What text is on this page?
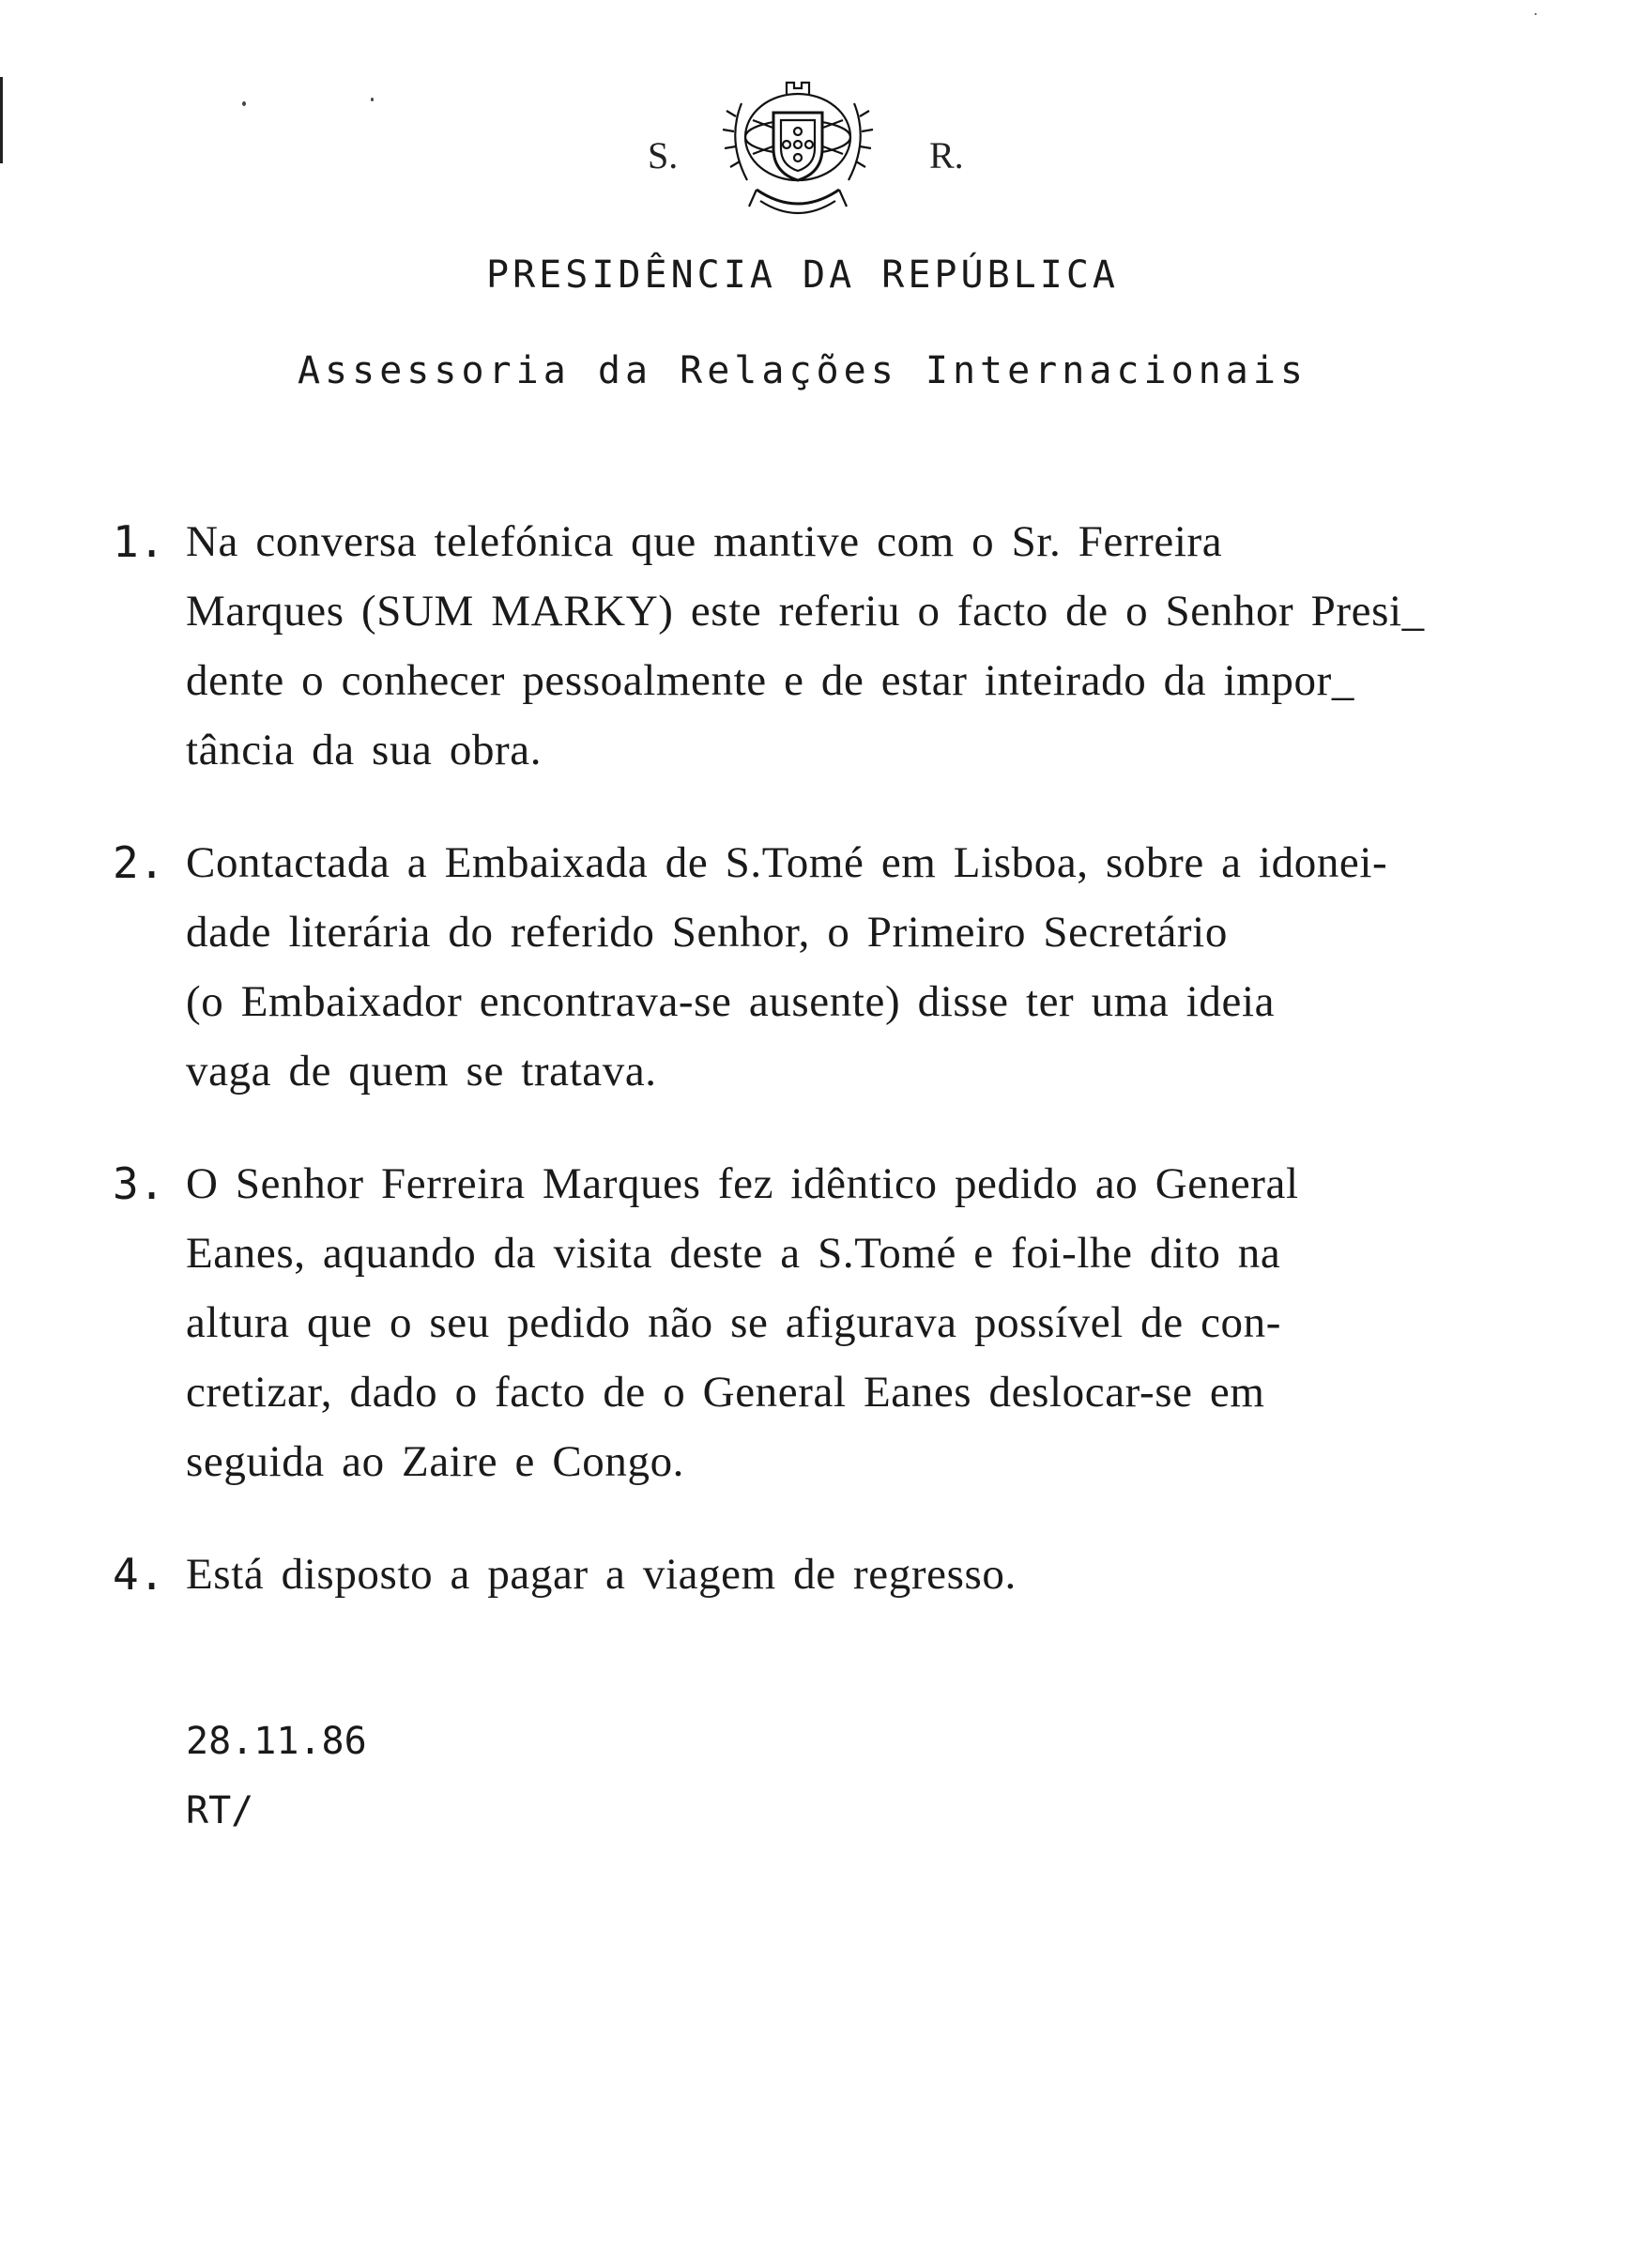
S.	R.
PRESIDÊNCIA DA REPÚBLICA
Assessoria da Relações Internacionais
1. Na conversa telefónica que mantive com o Sr. Ferreira
Marques (SUM MARKY) este referiu o facto de o Senhor Presi_
dente o conhecer pessoalmente e de estar inteirado da impor_
tância da sua obra.
2. Contactada a Embaixada de S.Tomé em Lisboa, sobre a idonei-
dade literária do referido Senhor, o Primeiro Secretário
(o Embaixador encontrava-se ausente) disse ter uma ideia
vaga de quem se tratava.
3. O Senhor Ferreira Marques fez idêntico pedido ao General
Eanes, aquando da visita deste a S.Tomé e foi-lhe dito na
altura que o seu pedido não se afigurava possível de con-
cretizar, dado o facto de o General Eanes deslocar-se em
seguida ao Zaire e Congo.
4. Está disposto a pagar a viagem de regresso.
28.11.86
RT/
